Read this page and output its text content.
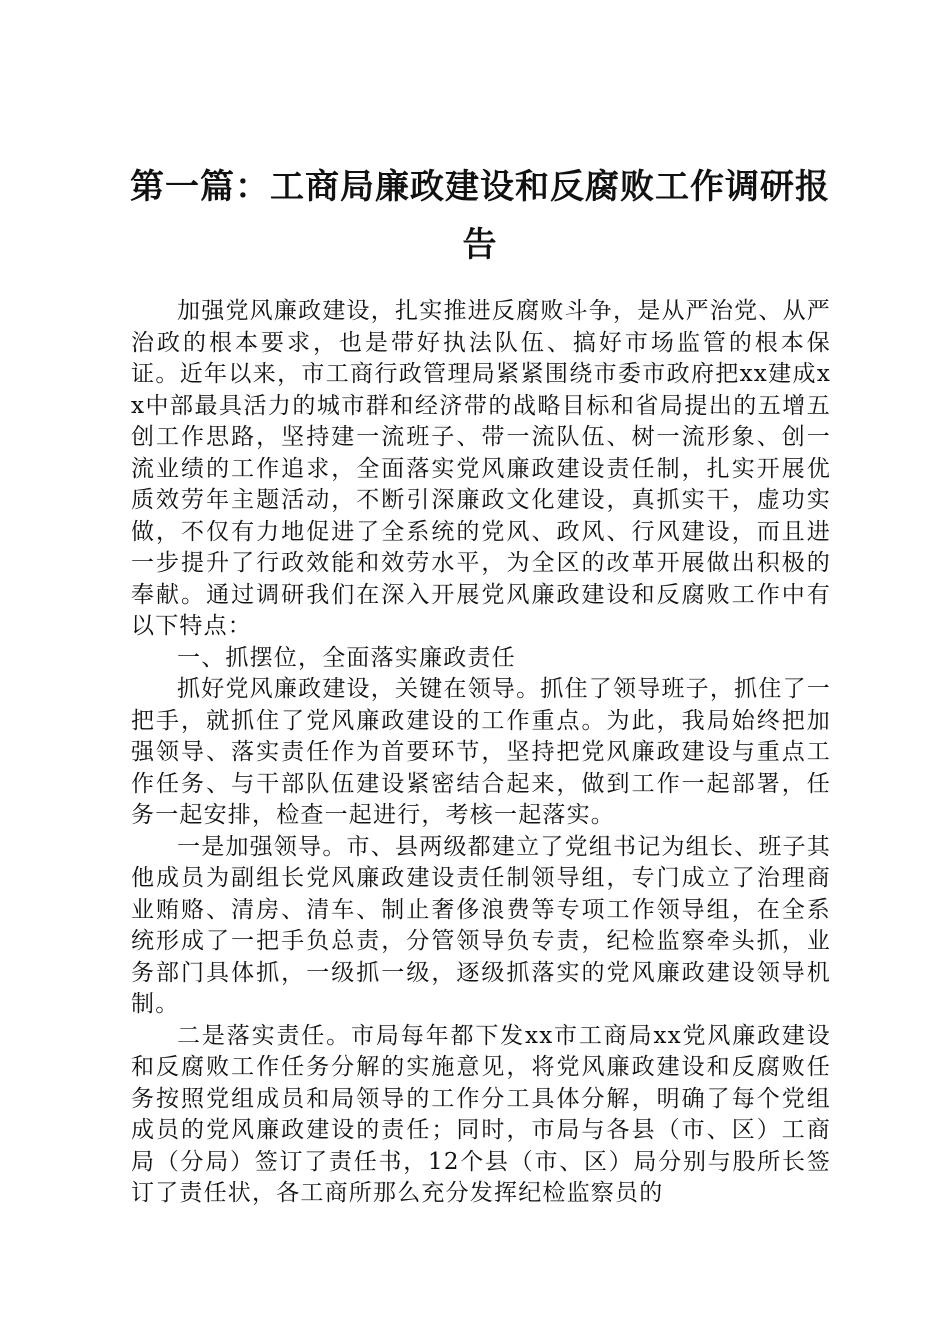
第一篇：工商局廉政建设和反腐败工作调研报告

加强党风廉政建设，扎实推进反腐败斗争，是从严治党、从严治政的根本要求，也是带好执法队伍、搞好市场监管的根本保证。近年以来，市工商行政管理局紧紧围绕市委市政府把xx建成xx中部最具活力的城市群和经济带的战略目标和省局提出的五增五创工作思路，坚持建一流班子、带一流队伍、树一流形象、创一流业绩的工作追求，全面落实党风廉政建设责任制，扎实开展优质效劳年主题活动，不断引深廉政文化建设，真抓实干，虚功实做，不仅有力地促进了全系统的党风、政风、行风建设，而且进一步提升了行政效能和效劳水平，为全区的改革开展做出积极的奉献。通过调研我们在深入开展党风廉政建设和反腐败工作中有以下特点：

一、抓摆位，全面落实廉政责任

抓好党风廉政建设，关键在领导。抓住了领导班子，抓住了一把手，就抓住了党风廉政建设的工作重点。为此，我局始终把加强领导、落实责任作为首要环节，坚持把党风廉政建设与重点工作任务、与干部队伍建设紧密结合起来，做到工作一起部署，任务一起安排，检查一起进行，考核一起落实。

一是加强领导。市、县两级都建立了党组书记为组长、班子其他成员为副组长党风廉政建设责任制领导组，专门成立了治理商业贿赂、清房、清车、制止奢侈浪费等专项工作领导组，在全系统形成了一把手负总责，分管领导负专责，纪检监察牵头抓，业务部门具体抓，一级抓一级，逐级抓落实的党风廉政建设领导机制。

二是落实责任。市局每年都下发xx市工商局xx党风廉政建设和反腐败工作任务分解的实施意见，将党风廉政建设和反腐败任务按照党组成员和局领导的工作分工具体分解，明确了每个党组成员的党风廉政建设的责任；同时，市局与各县（市、区）工商局（分局）签订了责任书，12个县（市、区）局分别与股所长签订了责任状，各工商所那么充分发挥纪检监察员的
